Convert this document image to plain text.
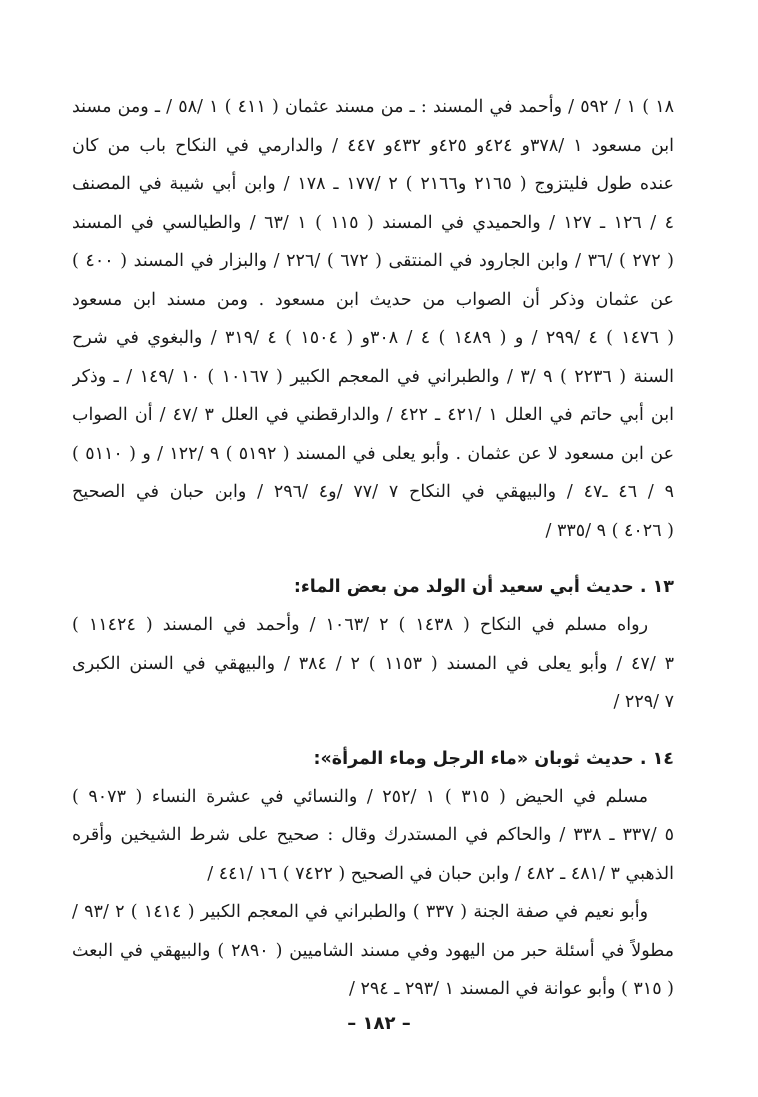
١٨ ) ١ / ٥٩٢ / وأحمد في المسند : ـ من مسند عثمان ( ٤١١ ) ١ /٥٨ / ـ ومن مسند
ابن مسعود ١ /٣٧٨و ٤٢٤و ٤٢٥و ٤٣٢و ٤٤٧ / والدارمي في النكاح باب من كان
عنده طول فليتزوج ( ٢١٦٥ و٢١٦٦ ) ٢ /١٧٧ ـ ١٧٨ / وابن أبي شيبة في المصنف
٤ / ١٢٦ ـ ١٢٧ / والحميدي في المسند ( ١١٥ ) ١ /٦٣ / والطيالسي في المسند
( ٢٧٢ ) /٣٦ / وابن الجارود في المنتقى ( ٦٧٢ ) /٢٢٦ / والبزار في المسند ( ٤٠٠ )
عن عثمان وذكر أن الصواب من حديث ابن مسعود . ومن مسند ابن مسعود
( ١٤٧٦ ) ٤ /٢٩٩ / و ( ١٤٨٩ ) ٤ / ٣٠٨و ( ١٥٠٤ ) ٤ /٣١٩ / والبغوي في شرح
السنة ( ٢٢٣٦ ) ٩ /٣ / والطبراني في المعجم الكبير ( ١٠١٦٧ ) ١٠ /١٤٩ / ـ وذكر
ابن أبي حاتم في العلل ١ /٤٢١ ـ ٤٢٢ / والدارقطني في العلل ٣ /٤٧ / أن الصواب
عن ابن مسعود لا عن عثمان . وأبو يعلى في المسند ( ٥١٩٢ ) ٩ /١٢٢ / و ( ٥١١٠ )
٩ / ٤٦ ـ٤٧ / والبيهقي في النكاح ٧ /٧٧ /و٤ /٢٩٦ / وابن حبان في الصحيح
( ٤٠٢٦ ) ٩ /٣٣٥ /
١٣ . حديث أبي سعيد أن الولد من بعض الماء:
رواه مسلم في النكاح ( ١٤٣٨ ) ٢ /١٠٦٣ / وأحمد في المسند ( ١١٤٢٤ )
٣ /٤٧ / وأبو يعلى في المسند ( ١١٥٣ ) ٢ / ٣٨٤ / والبيهقي في السنن الكبرى
٧ /٢٢٩ /
١٤ . حديث ثوبان «ماء الرجل وماء المرأة»:
مسلم في الحيض ( ٣١٥ ) ١ /٢٥٢ / والنسائي في عشرة النساء ( ٩٠٧٣ )
٥ /٣٣٧ ـ ٣٣٨ / والحاكم في المستدرك وقال : صحيح على شرط الشيخين وأقره
الذهبي ٣ /٤٨١ ـ ٤٨٢ / وابن حبان في الصحيح ( ٧٤٢٢ ) ١٦ /٤٤١ /
وأبو نعيم في صفة الجنة ( ٣٣٧ ) والطبراني في المعجم الكبير ( ١٤١٤ ) ٢ /٩٣ /
مطولاً في أسئلة حبر من اليهود وفي مسند الشاميين ( ٢٨٩٠ ) والبيهقي في البعث
( ٣١٥ ) وأبو عوانة في المسند ١ /٢٩٣ ـ ٢٩٤ /
– ١٨٢ –
